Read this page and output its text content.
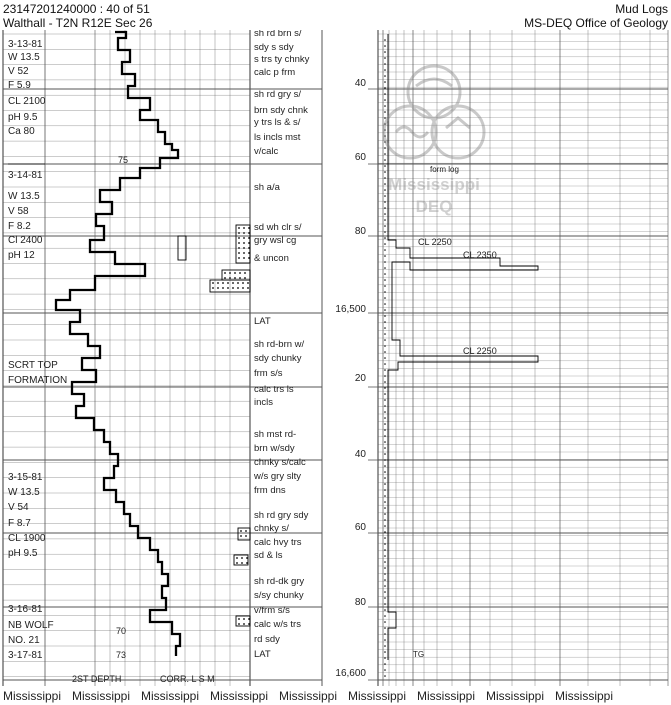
23147201240000 : 40 of 51
Walthall - T2N R12E Sec 26
Mud Logs
MS-DEQ Office of Geology
3-13-81
W 13.5
V 52
F 5.9
CL 2100
pH 9.5
Ca 80
3-14-81
W 13.5
V 58
F 8.2
Cl 2400
pH 12
SCRT TOP
FORMATION
3-15-81
W 13.5
V 54
F 8.7
CL 1900
pH 9.5
3-16-81
NB WOLF
NO. 21
3-17-81
75
70
73
sh rd brn s/
sdy s sdy
s trs ty chnky
calc p frm
sh rd gry s/
brn sdy chnk
y trs ls & s/
ls incls mst
v/calc
sh a/a
sd wh clr s/
gry wsl cg
& uncon
LAT
sh rd-brn w/
sdy chunky
frm s/s
calc trs ls
incls
sh mst rd-
brn w/sdy
chnky s/calc
w/s gry slty
frm dns
sh rd gry sdy
chnky s/
calc hvy trs
sd & ls
sh rd-dk gry
s/sy chunky
v/frm s/s
calc w/s trs
rd sdy
LAT
2ST DEPTH	CORR. L S M
40
60
80
16,500
20
40
60
80
16,600
CL 2250
CL 2350
CL 2250
form log
TG
Mississippi
DEQ
Mississippi Mississippi Mississippi Mississippi Mississippi Mississippi Mississippi Mississippi Mississippi
